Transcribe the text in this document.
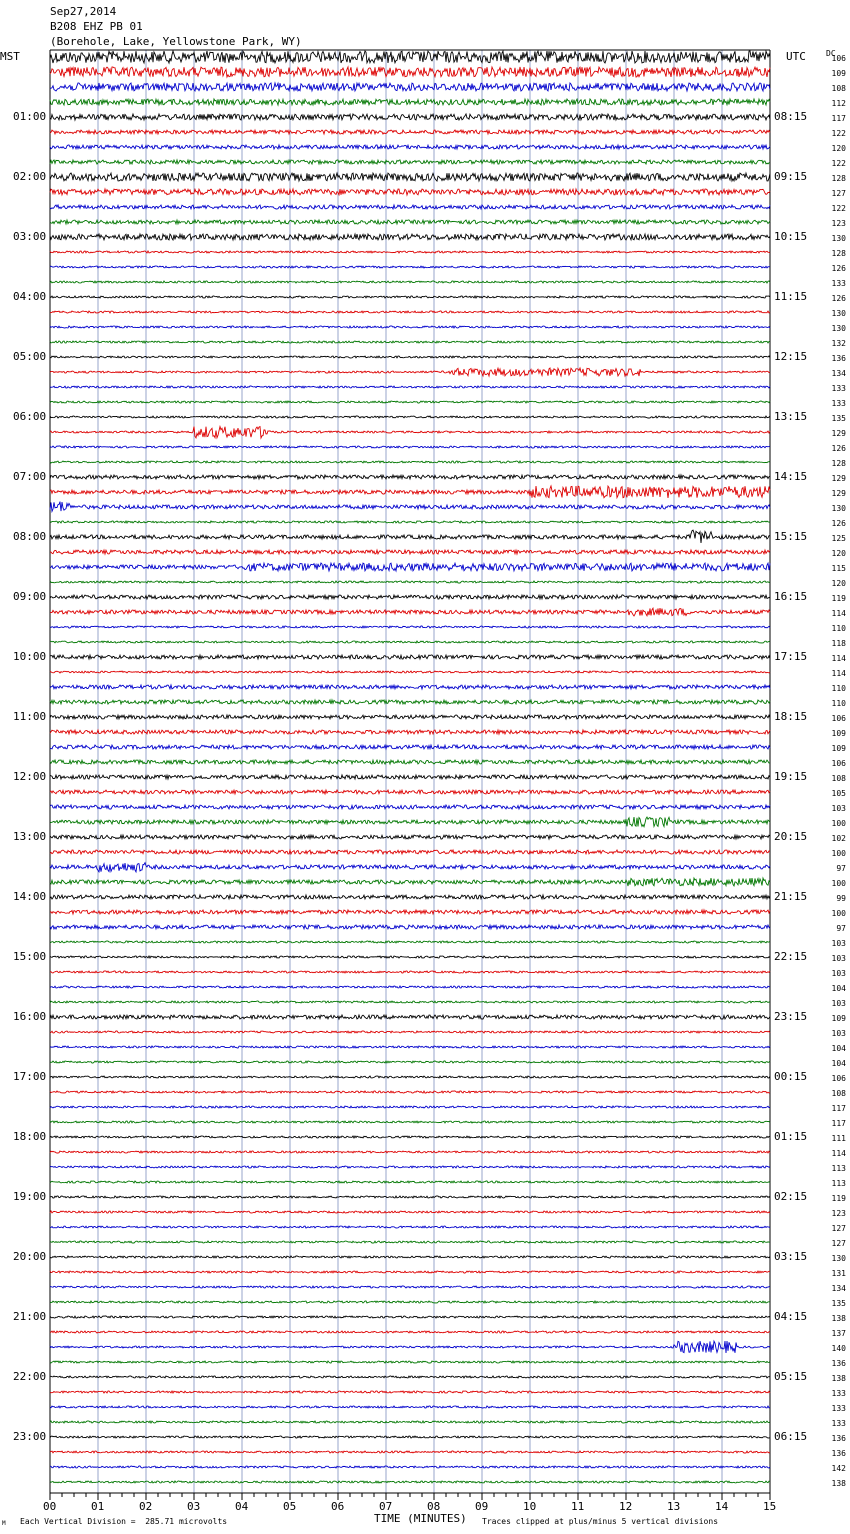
Sep27,2014
B208 EHZ PB 01
(Borehole, Lake, Yellowstone Park, WY)
MST	UTC	DC
01:00
02:00
03:00
04:00
05:00
06:00
07:00
08:00
09:00
10:00
11:00
12:00
13:00
14:00
15:00
16:00
17:00
18:00
19:00
20:00
21:00
22:00
23:00
08:15
09:15
10:15
11:15
12:15
13:15
14:15
15:15
16:15
17:15
18:15
19:15
20:15
21:15
22:15
23:15
00:15
01:15
02:15
03:15
04:15
05:15
06:15
106
109
108
112
117
122
120
122
128
127
122
123
130
128
126
133
126
130
130
132
136
134
133
133
135
129
126
128
129
129
130
126
125
120
115
120
119
114
110
118
114
114
110
110
106
109
109
106
108
105
103
100
102
100
97
100
99
100
97
103
103
103
104
103
109
103
104
104
106
108
117
117
111
114
113
113
119
123
127
127
130
131
134
135
138
137
140
136
138
133
133
133
136
136
142
138
00	01	02	03	04	05	06	07	08	09	10	11	12	13	14	15
M Each Vertical Division =  285.71 microvolts	TIME (MINUTES) Traces clipped at plus/minus 5 vertical divisions
